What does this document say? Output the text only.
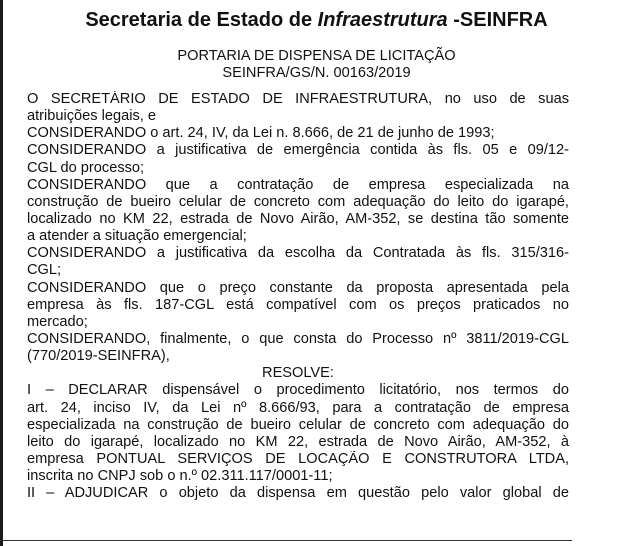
Secretaria de Estado de Infraestrutura -SEINFRA
PORTARIA DE DISPENSA DE LICITAÇÃO
SEINFRA/GS/N. 00163/2019
O SECRETÁRIO DE ESTADO DE INFRAESTRUTURA, no uso de suas
atribuições legais, e
CONSIDERANDO o art. 24, IV, da Lei n. 8.666, de 21 de junho de 1993;
CONSIDERANDO a justificativa de emergência contida às fls. 05 e 09/12-
CGL do processo;
CONSIDERANDO que a contratação de empresa especializada na
construção de bueiro celular de concreto com adequação do leito do igarapé,
localizado no KM 22, estrada de Novo Airão, AM-352, se destina tão somente
a atender a situação emergencial;
CONSIDERANDO a justificativa da escolha da Contratada às fls. 315/316-
CGL;
CONSIDERANDO que o preço constante da proposta apresentada pela
empresa às fls. 187-CGL está compatível com os preços praticados no
mercado;
CONSIDERANDO, finalmente, o que consta do Processo nº 3811/2019-CGL
(770/2019-SEINFRA),
RESOLVE:
I – DECLARAR dispensável o procedimento licitatório, nos termos do
art. 24, inciso IV, da Lei nº 8.666/93, para a contratação de empresa
especializada na construção de bueiro celular de concreto com adequação do
leito do igarapé, localizado no KM 22, estrada de Novo Airão, AM-352, à
empresa PONTUAL SERVIÇOS DE LOCAÇÃO E CONSTRUTORA LTDA,
inscrita no CNPJ sob o n.º 02.311.117/0001-11;
II – ADJUDICAR o objeto da dispensa em questão pelo valor global de
